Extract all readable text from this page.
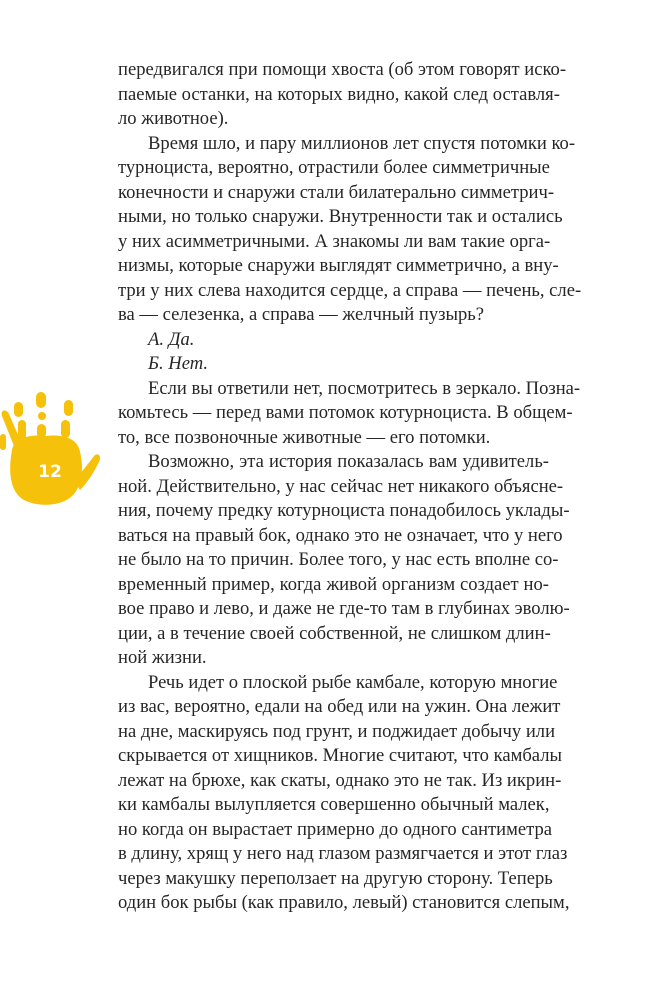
12
передвигался при помощи хвоста (об этом говорят иско-
паемые останки, на которых видно, какой след оставля-
ло животное).
Время шло, и пару миллионов лет спустя потомки ко-
турноциста, вероятно, отрастили более симметричные
конечности и снаружи стали билатерально симметрич-
ными, но только снаружи. Внутренности так и остались
у них асимметричными. А знакомы ли вам такие орга-
низмы, которые снаружи выглядят симметрично, а вну-
три у них слева находится сердце, а справа — печень, сле-
ва — селезенка, а справа — желчный пузырь?
А. Да.
Б. Нет.
Если вы ответили нет, посмотритесь в зеркало. Позна-
комьтесь — перед вами потомок котурноциста. В общем-
то, все позвоночные животные — его потомки.
Возможно, эта история показалась вам удивитель-
ной. Действительно, у нас сейчас нет никакого объясне-
ния, почему предку котурноциста понадобилось уклады-
ваться на правый бок, однако это не означает, что у него
не было на то причин. Более того, у нас есть вполне со-
временный пример, когда живой организм создает но-
вое право и лево, и даже не где-то там в глубинах эволю-
ции, а в течение своей собственной, не слишком длин-
ной жизни.
Речь идет о плоской рыбе камбале, которую многие
из вас, вероятно, едали на обед или на ужин. Она лежит
на дне, маскируясь под грунт, и поджидает добычу или
скрывается от хищников. Многие считают, что камбалы
лежат на брюхе, как скаты, однако это не так. Из икрин-
ки камбалы вылупляется совершенно обычный малек,
но когда он вырастает примерно до одного сантиметра
в длину, хрящ у него над глазом размягчается и этот глаз
через макушку переползает на другую сторону. Теперь
один бок рыбы (как правило, левый) становится слепым,
